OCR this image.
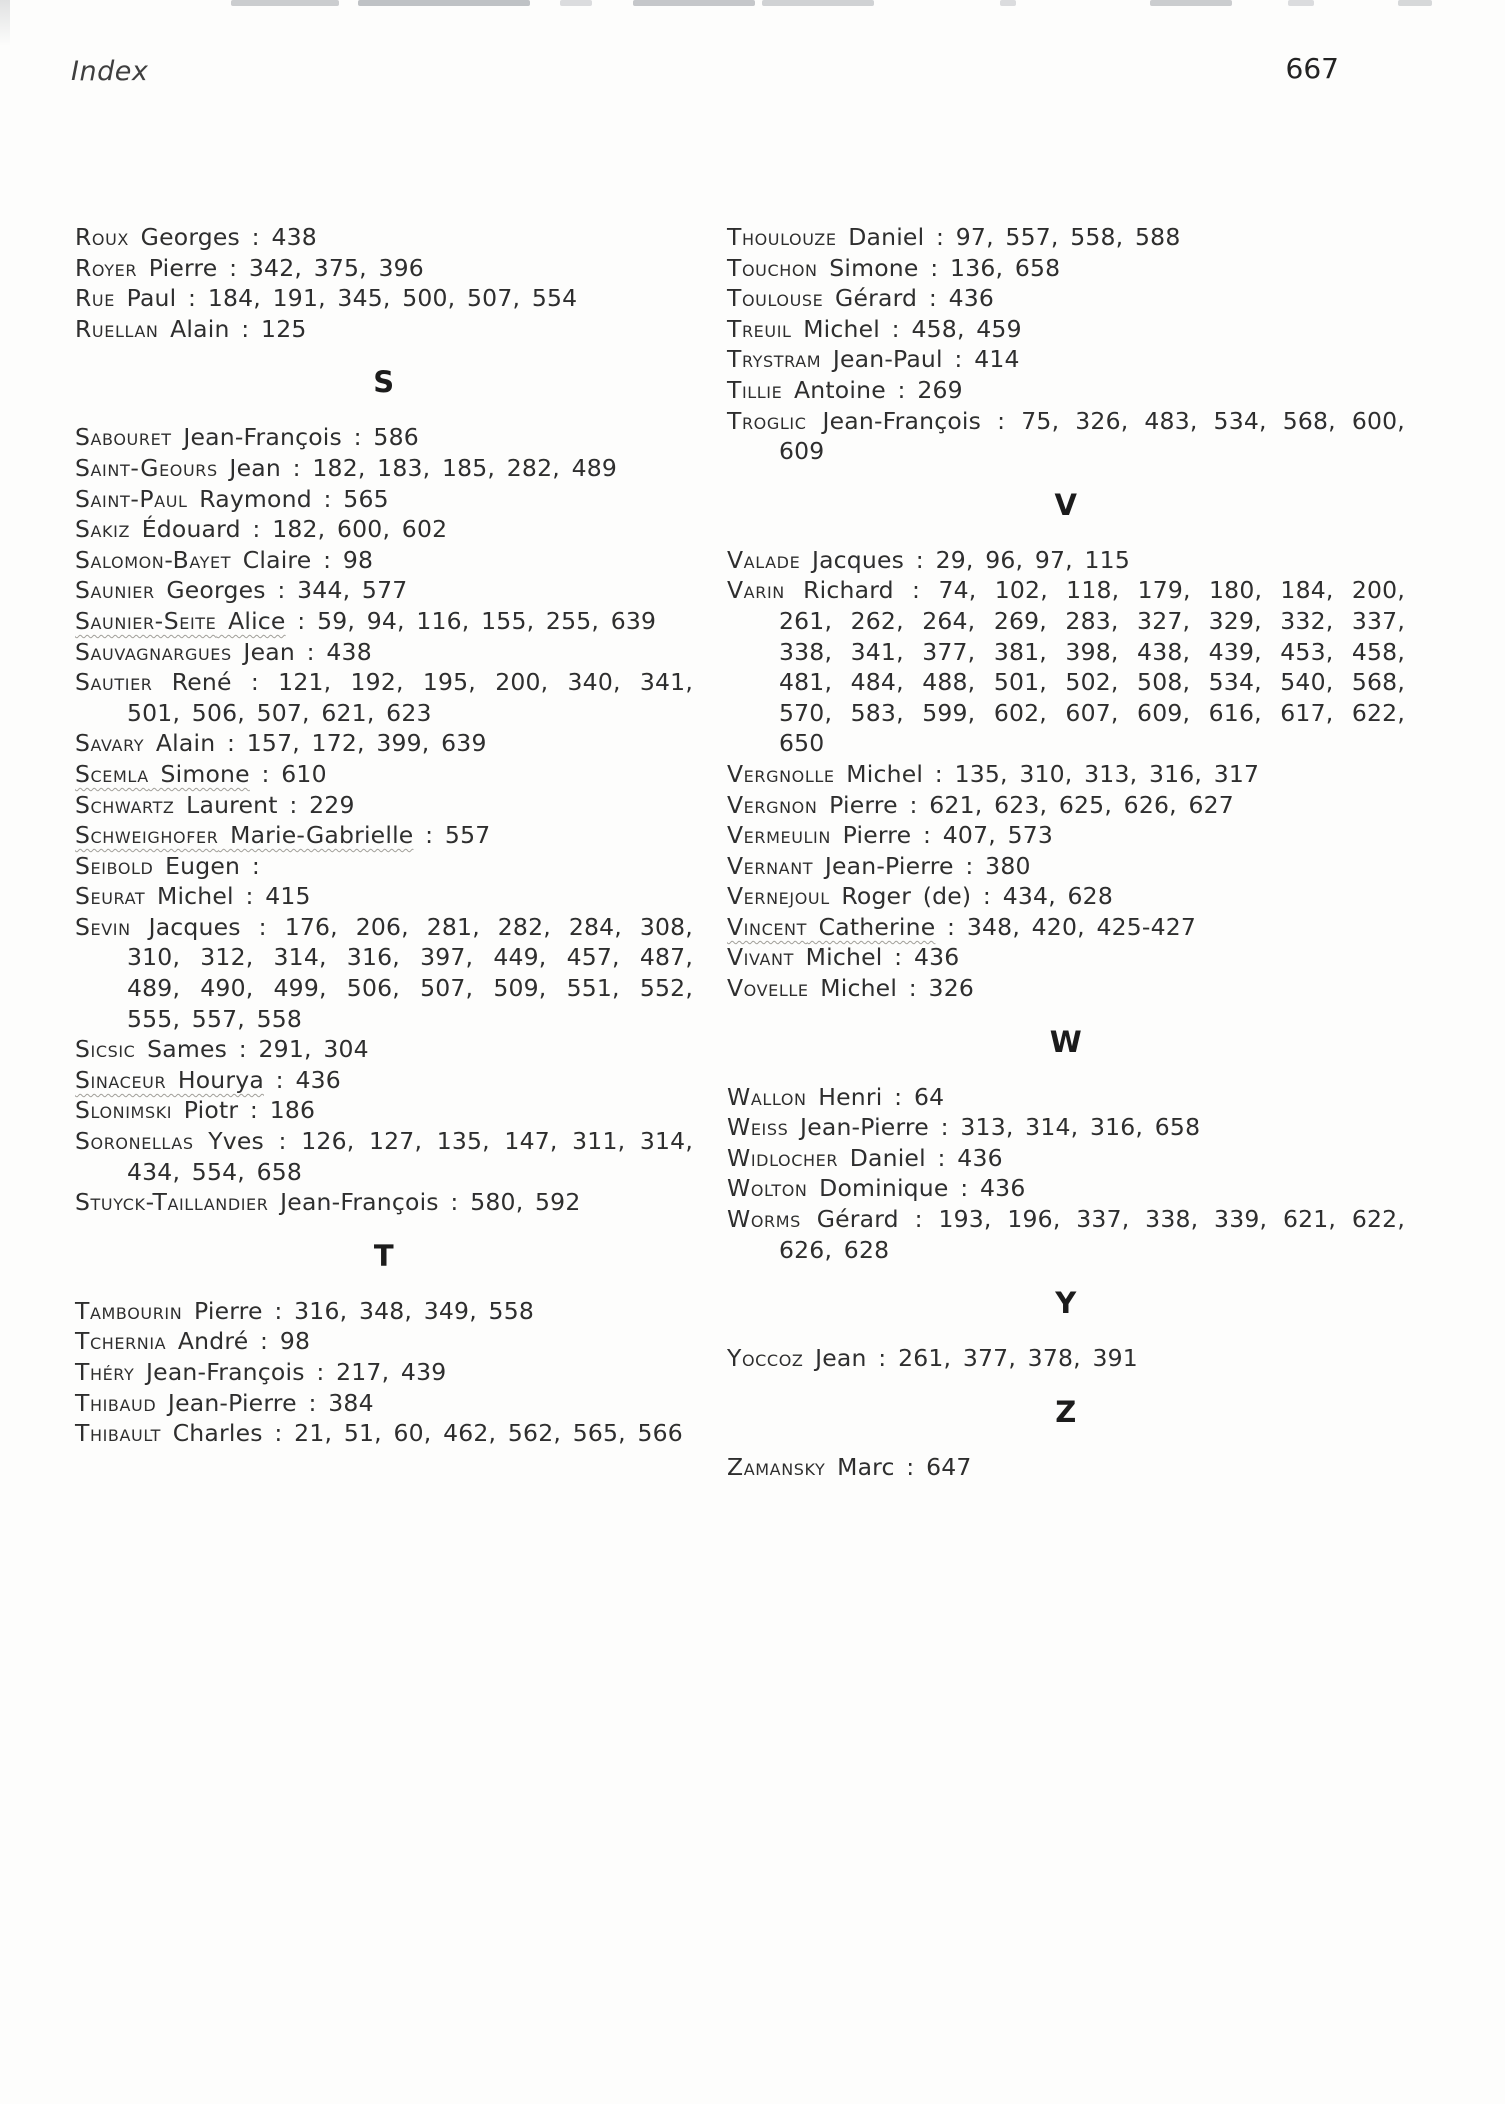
Index	667

Roux Georges : 438

Royer Pierre : 342, 375, 396

Rue Paul : 184, 191, 345, 500, 507, 554

Ruellan Alain : 125

S

Sabouret Jean-François : 586

Saint-Geours Jean : 182, 183, 185, 282, 489

Saint-Paul Raymond : 565

Sakiz Édouard : 182, 600, 602

Salomon-Bayet Claire : 98

Saunier Georges : 344, 577

Saunier-Seite Alice : 59, 94, 116, 155, 255, 639

Sauvagnargues Jean : 438

Sautier René : 121, 192, 195, 200, 340, 341, 501, 506, 507, 621, 623

Savary Alain : 157, 172, 399, 639

Scemla Simone : 610

Schwartz Laurent : 229

Schweighofer Marie-Gabrielle : 557

Seibold Eugen :

Seurat Michel : 415

Sevin Jacques : 176, 206, 281, 282, 284, 308, 310, 312, 314, 316, 397, 449, 457, 487, 489, 490, 499, 506, 507, 509, 551, 552, 555, 557, 558

Sicsic Sames : 291, 304

Sinaceur Hourya : 436

Slonimski Piotr : 186

Soronellas Yves : 126, 127, 135, 147, 311, 314, 434, 554, 658

Stuyck-Taillandier Jean-François : 580, 592

T

Tambourin Pierre : 316, 348, 349, 558

Tchernia André : 98

Théry Jean-François : 217, 439

Thibaud Jean-Pierre : 384

Thibault Charles : 21, 51, 60, 462, 562, 565, 566

Thoulouze Daniel : 97, 557, 558, 588

Touchon Simone : 136, 658

Toulouse Gérard : 436

Treuil Michel : 458, 459

Trystram Jean-Paul : 414

Tillie Antoine : 269

Troglic Jean-François : 75, 326, 483, 534, 568, 600, 609

V

Valade Jacques : 29, 96, 97, 115

Varin Richard : 74, 102, 118, 179, 180, 184, 200, 261, 262, 264, 269, 283, 327, 329, 332, 337, 338, 341, 377, 381, 398, 438, 439, 453, 458, 481, 484, 488, 501, 502, 508, 534, 540, 568, 570, 583, 599, 602, 607, 609, 616, 617, 622, 650

Vergnolle Michel : 135, 310, 313, 316, 317

Vergnon Pierre : 621, 623, 625, 626, 627

Vermeulin Pierre : 407, 573

Vernant Jean-Pierre : 380

Vernejoul Roger (de) : 434, 628

Vincent Catherine : 348, 420, 425-427

Vivant Michel : 436

Vovelle Michel : 326

W

Wallon Henri : 64

Weiss Jean-Pierre : 313, 314, 316, 658

Widlocher Daniel : 436

Wolton Dominique : 436

Worms Gérard : 193, 196, 337, 338, 339, 621, 622, 626, 628

Y

Yoccoz Jean : 261, 377, 378, 391

Z

Zamansky Marc : 647
